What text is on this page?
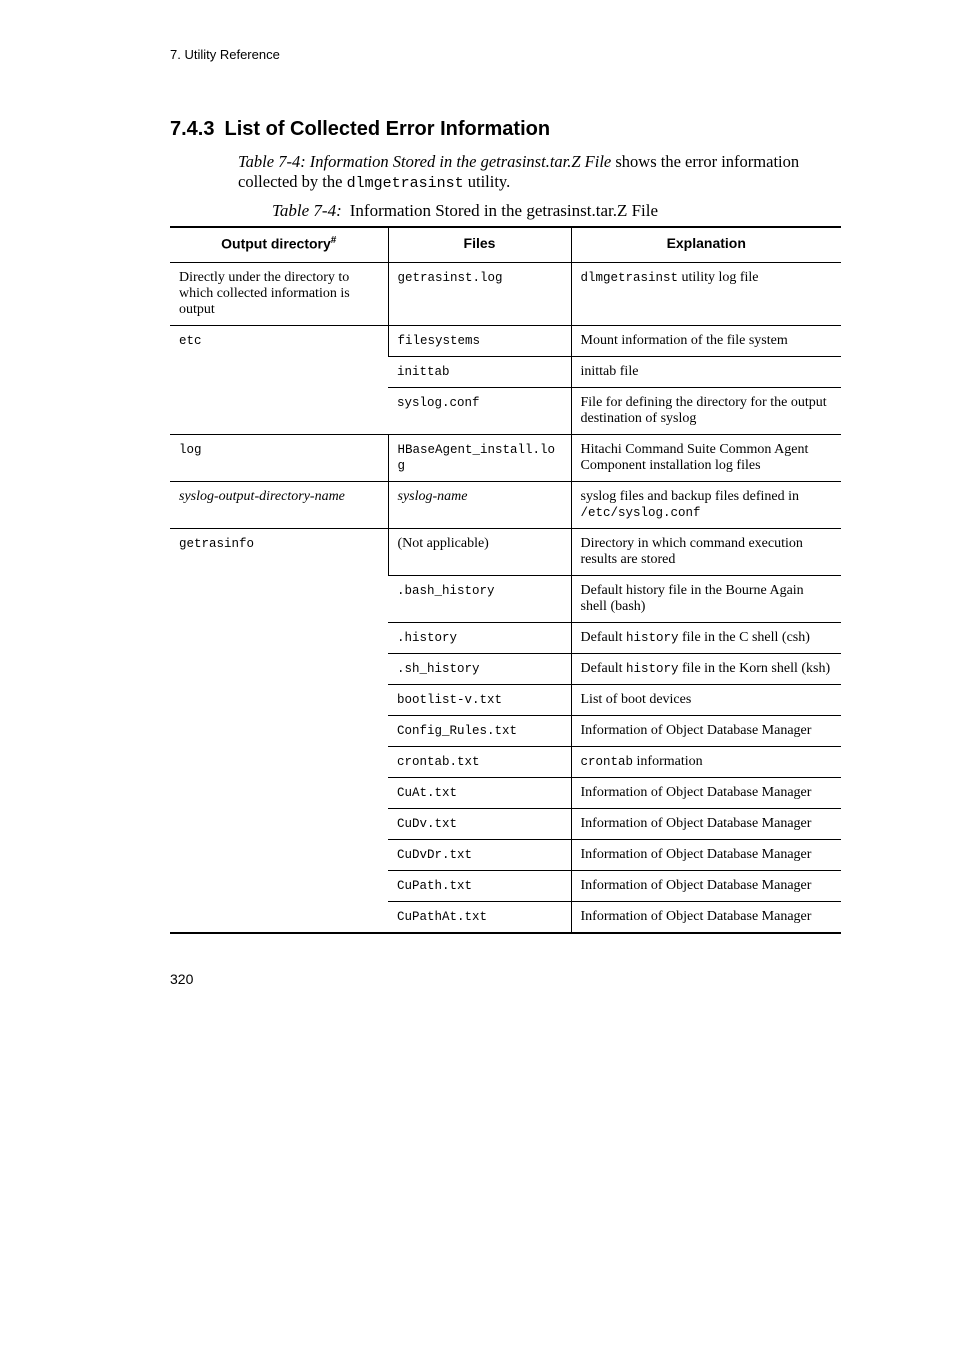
7. Utility Reference
7.4.3 List of Collected Error Information

Table 7-4: Information Stored in the getrasinst.tar.Z File shows the error information collected by the dlmgetrasinst utility.

Table 7-4: Information Stored in the getrasinst.tar.Z File
Output directory#	Files	Explanation
Directly under the directory to which collected information is output	getrasinst.log	dlmgetrasinst utility log file
etc	filesystems	Mount information of the file system
	inittab	inittab file
	syslog.conf	File for defining the directory for the output destination of syslog
log	HBaseAgent_install.log	Hitachi Command Suite Common Agent Component installation log files
syslog-output-directory-name	syslog-name	syslog files and backup files defined in /etc/syslog.conf
getrasinfo	(Not applicable)	Directory in which command execution results are stored
	.bash_history	Default history file in the Bourne Again shell (bash)
	.history	Default history file in the C shell (csh)
	.sh_history	Default history file in the Korn shell (ksh)
	bootlist-v.txt	List of boot devices
	Config_Rules.txt	Information of Object Database Manager
	crontab.txt	crontab information
	CuAt.txt	Information of Object Database Manager
	CuDv.txt	Information of Object Database Manager
	CuDvDr.txt	Information of Object Database Manager
	CuPath.txt	Information of Object Database Manager
	CuPathAt.txt	Information of Object Database Manager
320
